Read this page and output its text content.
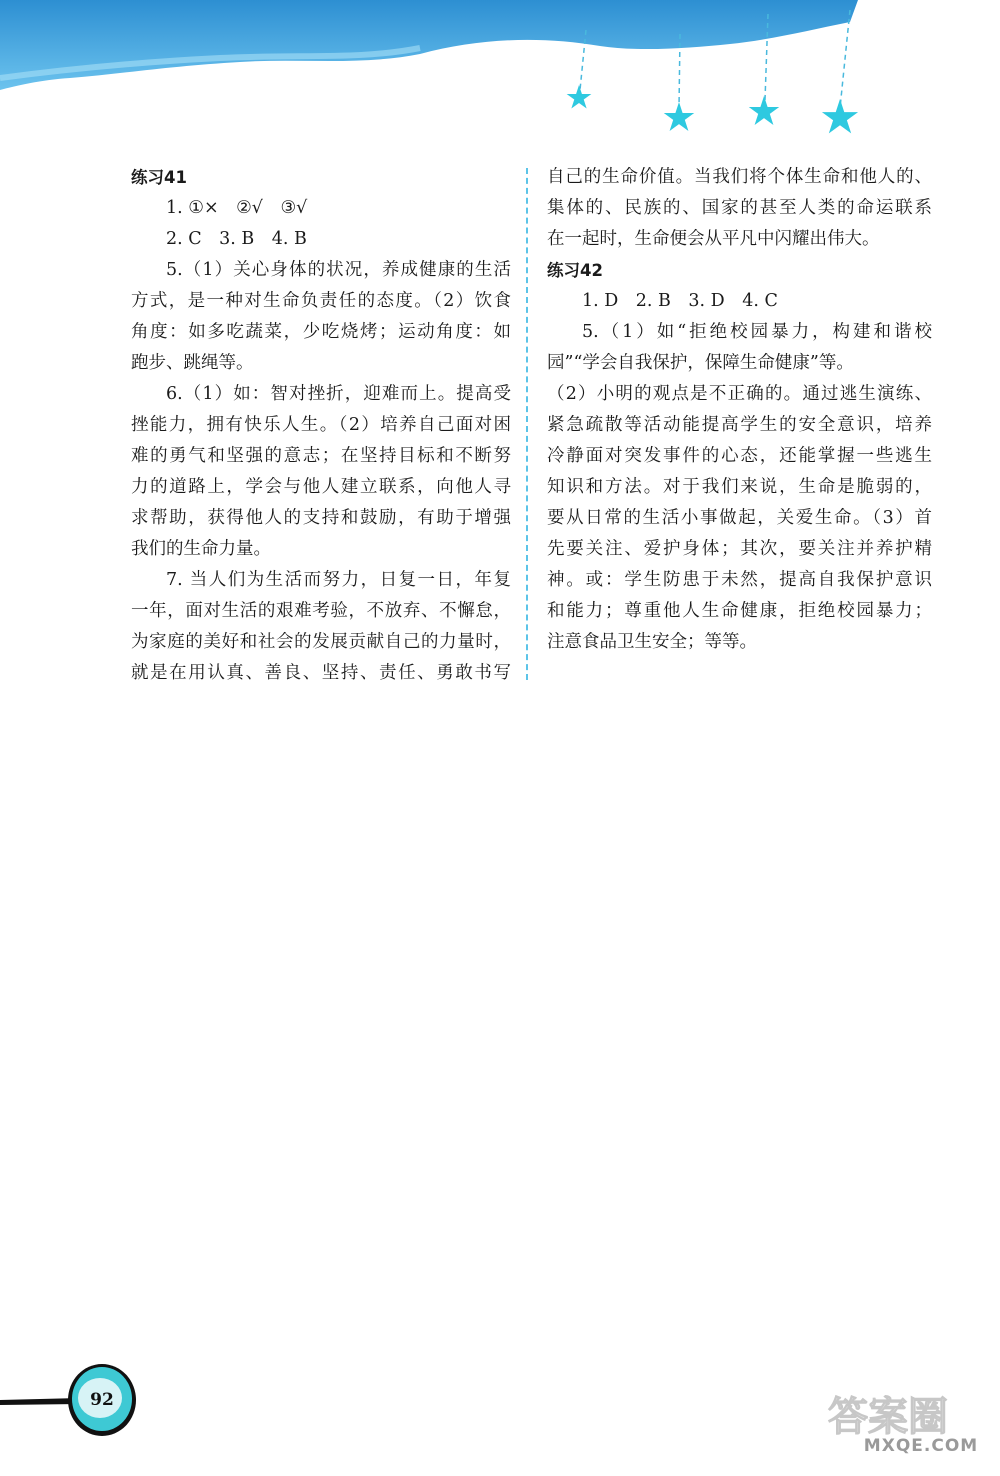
练习41
1. ①×　②√　③√
2. C　3. B　4. B
5.（1）关心身体的状况，养成健康的生活
方式，是一种对生命负责任的态度。（2）饮食
角度：如多吃蔬菜，少吃烧烤；运动角度：如
跑步、跳绳等。
6.（1）如：智对挫折，迎难而上。提高受
挫能力，拥有快乐人生。（2）培养自己面对困
难的勇气和坚强的意志；在坚持目标和不断努
力的道路上，学会与他人建立联系，向他人寻
求帮助，获得他人的支持和鼓励，有助于增强
我们的生命力量。
7. 当人们为生活而努力，日复一日，年复
一年，面对生活的艰难考验，不放弃、不懈怠，
为家庭的美好和社会的发展贡献自己的力量时，
就是在用认真、善良、坚持、责任、勇敢书写
自己的生命价值。当我们将个体生命和他人的、
集体的、民族的、国家的甚至人类的命运联系
在一起时，生命便会从平凡中闪耀出伟大。
练习42
1. D　2. B　3. D　4. C
5.（1）如“拒绝校园暴力，构建和谐校
园”“学会自我保护，保障生命健康”等。
（2）小明的观点是不正确的。通过逃生演练、
紧急疏散等活动能提高学生的安全意识，培养
冷静面对突发事件的心态，还能掌握一些逃生
知识和方法。对于我们来说，生命是脆弱的，
要从日常的生活小事做起，关爱生命。（3）首
先要关注、爱护身体；其次，要关注并养护精
神。或：学生防患于未然，提高自我保护意识
和能力；尊重他人生命健康，拒绝校园暴力；
注意食品卫生安全；等等。
92	答案圈
MXQE.COM
